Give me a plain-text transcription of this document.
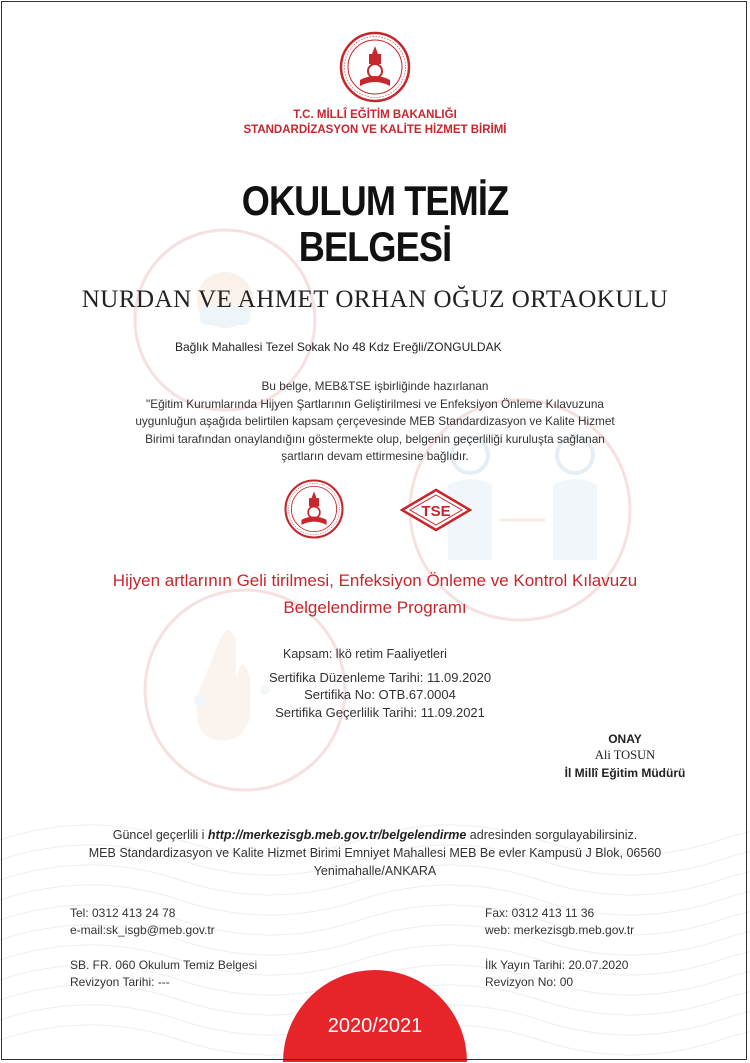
T.C. MİLLÎ EĞİTİM BAKANLIĞI
STANDARDİZASYON VE KALİTE HİZMET BİRİMİ
OKULUM TEMİZ
BELGESİ
NURDAN VE AHMET ORHAN OĞUZ ORTAOKULU
Bağlık Mahallesi Tezel Sokak No 48 Kdz Ereğli/ZONGULDAK
Bu belge, MEB&TSE işbirliğinde hazırlanan
"Eğitim Kurumlarında Hijyen Şartlarının Geliştirilmesi ve Enfeksiyon Önleme Kılavuzuna
uygunluğun aşağıda belirtilen kapsam çerçevesinde MEB Standardizasyon ve Kalite Hizmet
Birimi tarafından onaylandığını göstermekte olup, belgenin geçerliliği kuruluşta sağlanan
şartların devam ettirmesine bağlıdır.
TSE
Hijyen artlarının Geli tirilmesi, Enfeksiyon Önleme ve Kontrol Kılavuzu
Belgelendirme Programı
Kapsam: lkö retim Faaliyetleri
Sertifika Düzenleme Tarihi: 11.09.2020
Sertifika No: OTB.67.0004
Sertifika Geçerlilik Tarihi: 11.09.2021
ONAY
Ali TOSUN
İl Millî Eğitim Müdürü
Güncel geçerlili i http://merkezisgb.meb.gov.tr/belgelendirme adresinden sorgulayabilirsiniz.
MEB Standardizasyon ve Kalite Hizmet Birimi Emniyet Mahallesi MEB Be evler Kampusü J Blok, 06560
Yenimahalle/ANKARA
Tel: 0312 413 24 78
e-mail:sk_isgb@meb.gov.tr
Fax: 0312 413 11 36
web: merkezisgb.meb.gov.tr
SB. FR. 060 Okulum Temiz Belgesi
Revizyon Tarihi: ---
İlk Yayın Tarihi: 20.07.2020
Revizyon No: 00
2020/2021
